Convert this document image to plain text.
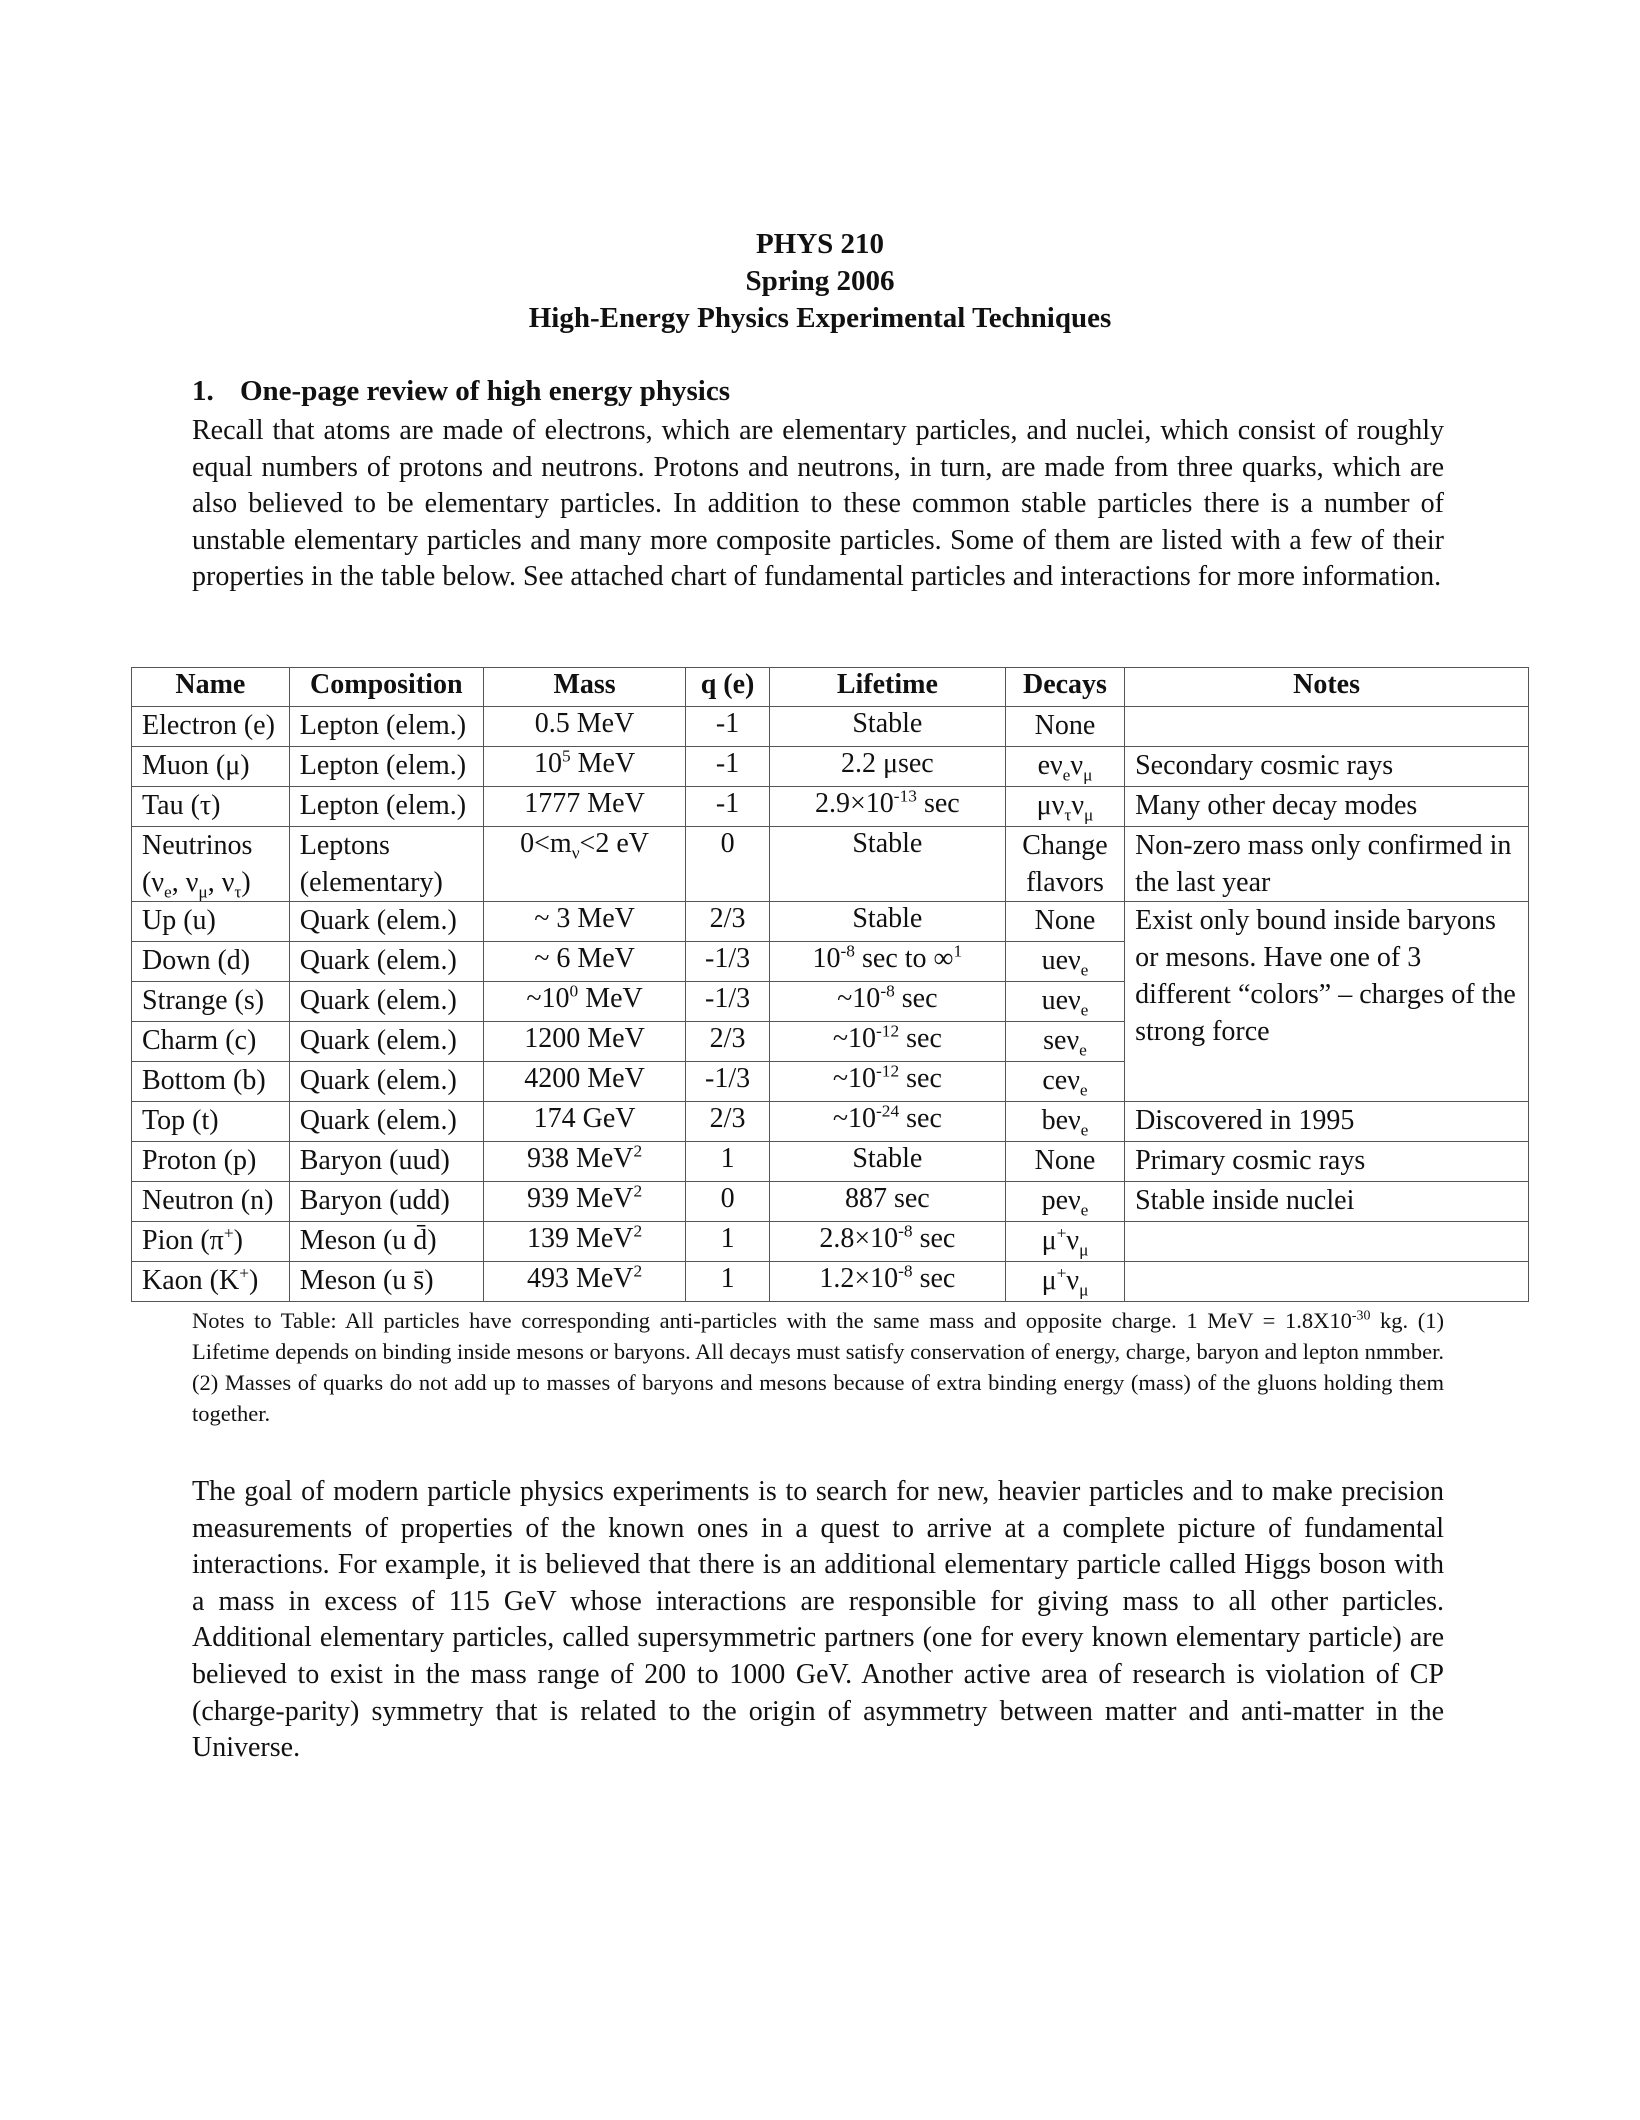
PHYS 210
Spring 2006
High-Energy Physics Experimental Techniques
1. One-page review of high energy physics
Recall that atoms are made of electrons, which are elementary particles, and nuclei, which consist of roughly equal numbers of protons and neutrons. Protons and neutrons, in turn, are made from three quarks, which are also believed to be elementary particles. In addition to these common stable particles there is a number of unstable elementary particles and many more composite particles. Some of them are listed with a few of their properties in the table below. See attached chart of fundamental particles and interactions for more information.
Name	Composition	Mass	q (e)	Lifetime	Decays	Notes
Electron (e)	Lepton (elem.)	0.5 MeV	-1	Stable	None	
Muon (μ)	Lepton (elem.)	$10^5$ MeV	-1	2.2 μsec	$e\nu_e\nu_\mu$	Secondary cosmic rays
Tau (τ)	Lepton (elem.)	1777 MeV	-1	$2.9\times 10^{-13}$ sec	$\mu\nu_\tau\nu_\mu$	Many other decay modes
Neutrinos ($\nu_e$, $\nu_\mu$, $\nu_\tau$)	Leptons (elementary)	$0<m_\nu<2$ eV	0	Stable	Change flavors	Non-zero mass only confirmed in the last year
Up (u)	Quark (elem.)	~ 3 MeV	2/3	Stable	None	Exist only bound inside baryons or mesons. Have one of 3 different “colors” – charges of the strong force
Down (d)	Quark (elem.)	~ 6 MeV	-1/3	$10^{-8}$ sec to ∞$^1$	ueν$_e$
Strange (s)	Quark (elem.)	$\sim 10^0$ MeV	-1/3	$\sim 10^{-8}$ sec	ueν$_e$
Charm (c)	Quark (elem.)	1200 MeV	2/3	$\sim 10^{-12}$ sec	seν$_e$
Bottom (b)	Quark (elem.)	4200 MeV	-1/3	$\sim 10^{-12}$ sec	ceν$_e$
Top (t)	Quark (elem.)	174 GeV	2/3	$\sim 10^{-24}$ sec	beν$_e$	Discovered in 1995
Proton (p)	Baryon (uud)	938 MeV$^2$	1	Stable	None	Primary cosmic rays
Neutron (n)	Baryon (udd)	939 MeV$^2$	0	887 sec	peν$_e$	Stable inside nuclei
Pion (π+)	Meson (u d̄)	139 MeV$^2$	1	$2.8\times 10^{-8}$ sec	$\mu^+\nu_\mu$	
Kaon (K+)	Meson (u s̄)	493 MeV$^2$	1	$1.2\times 10^{-8}$ sec	$\mu^+\nu_\mu$	
Notes to Table: All particles have corresponding anti-particles with the same mass and opposite charge. 1 MeV = $1.8X10^{-30}$ kg. (1) Lifetime depends on binding inside mesons or baryons. All decays must satisfy conservation of energy, charge, baryon and lepton nmmber. (2) Masses of quarks do not add up to masses of baryons and mesons because of extra binding energy (mass) of the gluons holding them together.
The goal of modern particle physics experiments is to search for new, heavier particles and to make precision measurements of properties of the known ones in a quest to arrive at a complete picture of fundamental interactions. For example, it is believed that there is an additional elementary particle called Higgs boson with a mass in excess of 115 GeV whose interactions are responsible for giving mass to all other particles. Additional elementary particles, called supersymmetric partners (one for every known elementary particle) are believed to exist in the mass range of 200 to 1000 GeV. Another active area of research is violation of CP (charge-parity) symmetry that is related to the origin of asymmetry between matter and anti-matter in the Universe.
